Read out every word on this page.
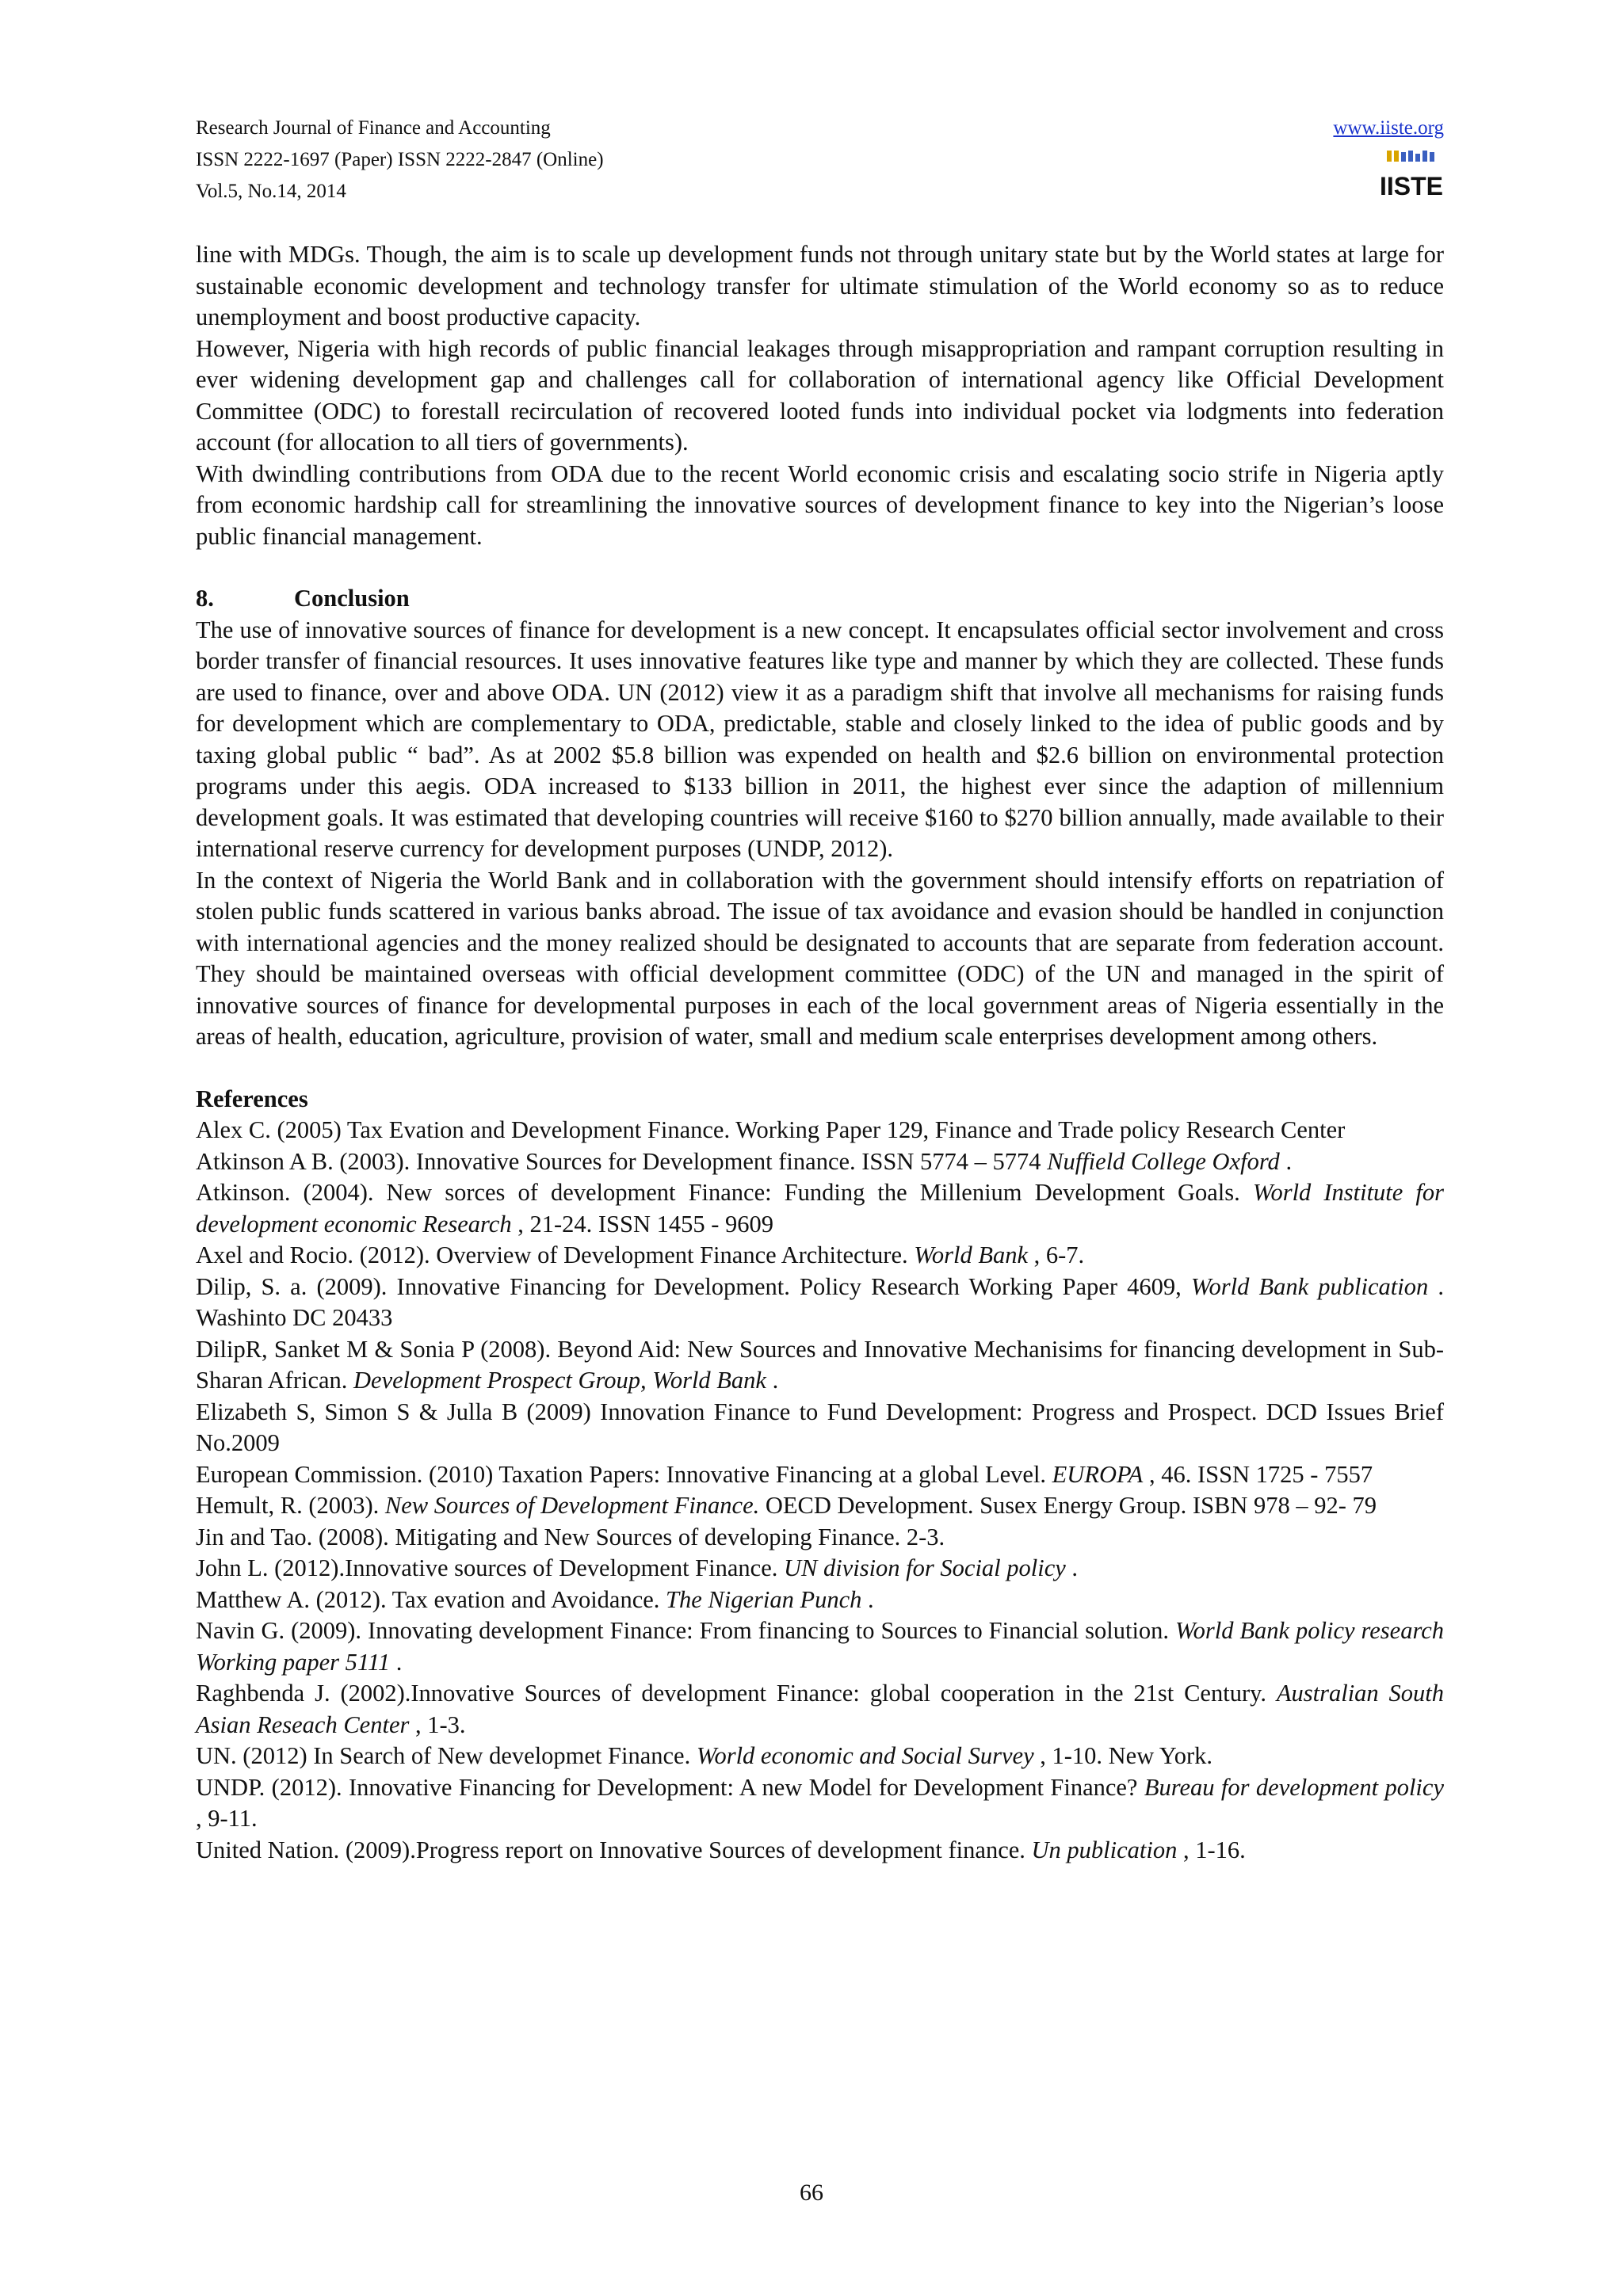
Research Journal of Finance and Accounting
ISSN 2222-1697 (Paper) ISSN 2222-2847 (Online)
Vol.5, No.14, 2014
www.iiste.org
IISTE

line with MDGs. Though, the aim is to scale up development funds not through unitary state but by the World states at large for sustainable economic development and technology transfer for ultimate stimulation of the World economy so as to reduce unemployment and boost productive capacity.

However, Nigeria with high records of public financial leakages through misappropriation and rampant corruption resulting in ever widening development gap and challenges call for collaboration of international agency like Official Development Committee (ODC) to forestall recirculation of recovered looted funds into individual pocket via lodgments into federation account (for allocation to all tiers of governments).

With dwindling contributions from ODA due to the recent World economic crisis and escalating socio strife in Nigeria aptly from economic hardship call for streamlining the innovative sources of development finance to key into the Nigerian’s loose public financial management.

8.	Conclusion

The use of innovative sources of finance for development is a new concept. It encapsulates official sector involvement and cross border transfer of financial resources. It uses innovative features like type and manner by which they are collected. These funds are used to finance, over and above ODA. UN (2012) view it as a paradigm shift that involve all mechanisms for raising funds for development which are complementary to ODA, predictable, stable and closely linked to the idea of public goods and by taxing global public “ bad”. As at 2002 $5.8 billion was expended on health and $2.6 billion on environmental protection programs under this aegis. ODA increased to $133 billion in 2011, the highest ever since the adaption of millennium development goals. It was estimated that developing countries will receive $160 to $270 billion annually, made available to their international reserve currency for development purposes (UNDP, 2012).

In the context of Nigeria the World Bank and in collaboration with the government should intensify efforts on repatriation of stolen public funds scattered in various banks abroad. The issue of tax avoidance and evasion should be handled in conjunction with international agencies and the money realized should be designated to accounts that are separate from federation account. They should be maintained overseas with official development committee (ODC) of the UN and managed in the spirit of innovative sources of finance for developmental purposes in each of the local government areas of Nigeria essentially in the areas of health, education, agriculture, provision of water, small and medium scale enterprises development among others.

References

Alex C. (2005) Tax Evation and Development Finance. Working Paper 129, Finance and Trade policy Research Center

Atkinson A B. (2003). Innovative Sources for Development finance. ISSN 5774 – 5774 Nuffield College Oxford .

Atkinson. (2004). New sorces of development Finance: Funding the Millenium Development Goals. World Institute for development economic Research , 21-24. ISSN 1455 - 9609

Axel and Rocio. (2012). Overview of Development Finance Architecture. World Bank , 6-7.

Dilip, S. a. (2009). Innovative Financing for Development. Policy Research Working Paper 4609, World Bank publication . Washinto DC 20433

DilipR, Sanket M & Sonia P (2008). Beyond Aid: New Sources and Innovative Mechanisims for financing development in Sub-Sharan African. Development Prospect Group, World Bank .

Elizabeth S, Simon S & Julla B (2009) Innovation Finance to Fund Development: Progress and Prospect. DCD Issues Brief No.2009

European Commission. (2010) Taxation Papers: Innovative Financing at a global Level. EUROPA , 46. ISSN 1725 - 7557

Hemult, R. (2003). New Sources of Development Finance. OECD Development. Susex Energy Group. ISBN 978 – 92- 79

Jin and Tao. (2008). Mitigating and New Sources of developing Finance. 2-3.

John L. (2012).Innovative sources of Development Finance. UN division for Social policy .

Matthew A. (2012). Tax evation and Avoidance. The Nigerian Punch .

Navin G. (2009). Innovating development Finance: From financing to Sources to Financial solution. World Bank policy research Working paper 5111 .

Raghbenda J. (2002).Innovative Sources of development Finance: global cooperation in the 21st Century. Australian South Asian Reseach Center , 1-3.

UN. (2012) In Search of New developmet Finance. World economic and Social Survey , 1-10. New York.

UNDP. (2012). Innovative Financing for Development: A new Model for Development Finance? Bureau for development policy , 9-11.

United Nation. (2009).Progress report on Innovative Sources of development finance. Un publication , 1-16.

66
